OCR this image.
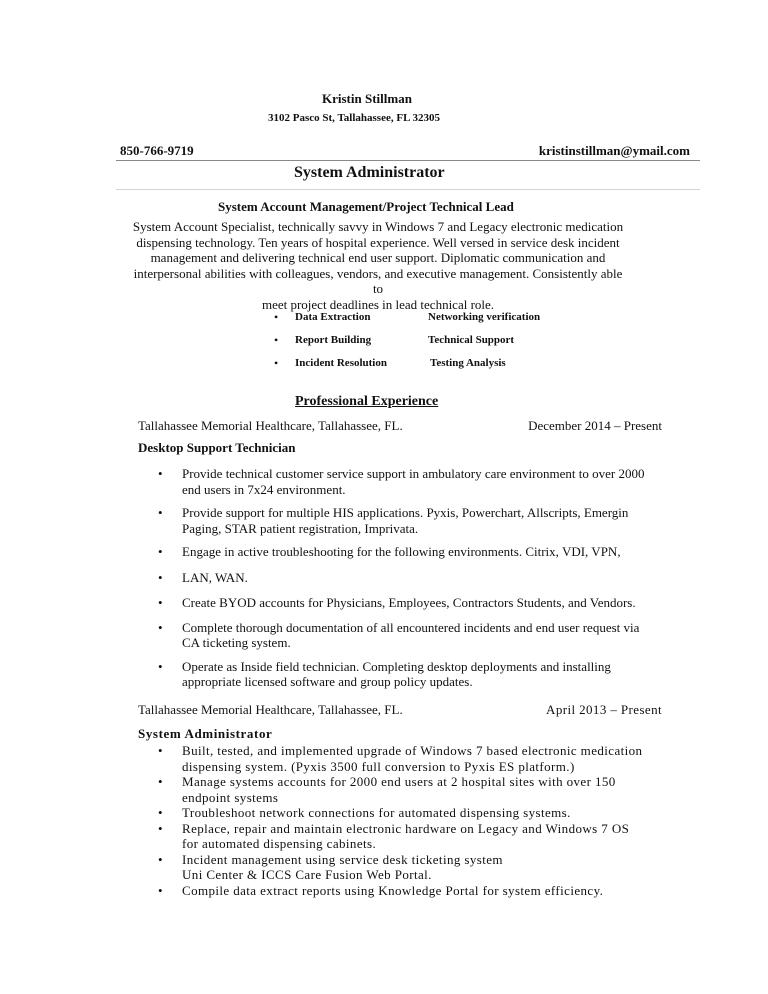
Kristin Stillman
3102 Pasco St, Tallahassee, FL 32305
850-766-9719	kristinstillman@ymail.com
System Administrator
System Account Management/Project Technical Lead
System Account Specialist, technically savvy in Windows 7 and Legacy electronic medication
dispensing technology. Ten years of hospital experience. Well versed in service desk incident
management and delivering technical end user support. Diplomatic communication and
interpersonal abilities with colleagues, vendors, and executive management. Consistently able to
meet project deadlines in lead technical role.
• Data Extraction	Networking verification
• Report Building	Technical Support
• Incident Resolution	Testing Analysis
Professional Experience
Tallahassee Memorial Healthcare, Tallahassee, FL.	December 2014 – Present
Desktop Support Technician
• Provide technical customer service support in ambulatory care environment to over 2000
end users in 7x24 environment.
• Provide support for multiple HIS applications. Pyxis, Powerchart, Allscripts, Emergin
Paging, STAR patient registration, Imprivata.
• Engage in active troubleshooting for the following environments. Citrix, VDI, VPN,
• LAN, WAN.
• Create BYOD accounts for Physicians, Employees, Contractors Students, and Vendors.
• Complete thorough documentation of all encountered incidents and end user request via
CA ticketing system.
• Operate as Inside field technician. Completing desktop deployments and installing
appropriate licensed software and group policy updates.
Tallahassee Memorial Healthcare, Tallahassee, FL.	April 2013 – Present
System Administrator
• Built, tested, and implemented upgrade of Windows 7 based electronic medication
dispensing system. (Pyxis 3500 full conversion to Pyxis ES platform.)
• Manage systems accounts for 2000 end users at 2 hospital sites with over 150
endpoint systems
• Troubleshoot network connections for automated dispensing systems.
• Replace, repair and maintain electronic hardware on Legacy and Windows 7 OS
for automated dispensing cabinets.
• Incident management using service desk ticketing system
Uni Center & ICCS Care Fusion Web Portal.
• Compile data extract reports using Knowledge Portal for system efficiency.
